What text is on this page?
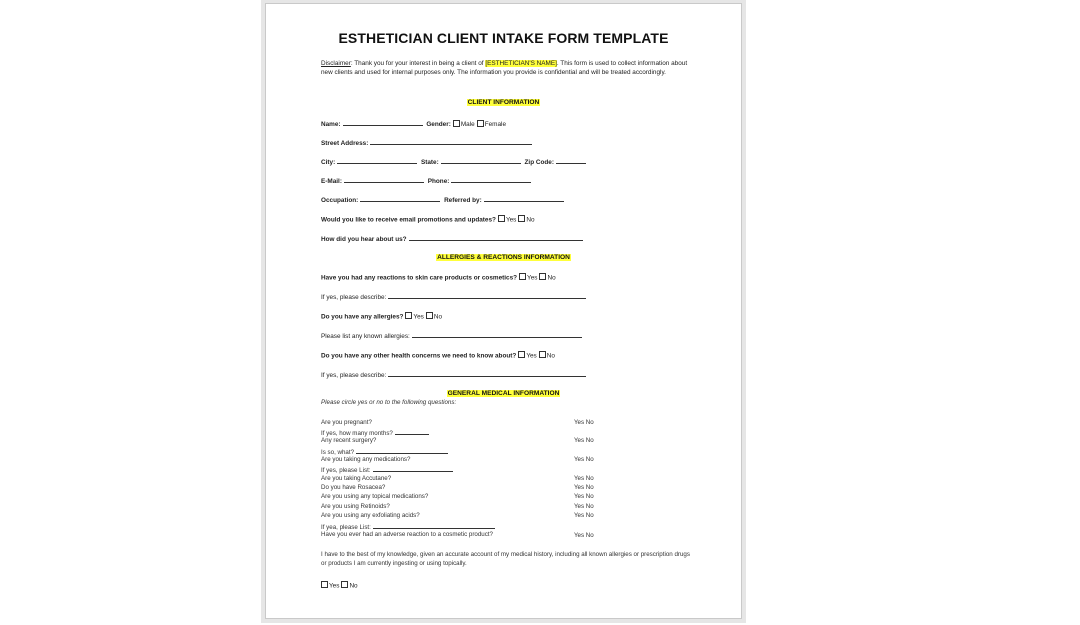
ESTHETICIAN CLIENT INTAKE FORM TEMPLATE
Disclaimer: Thank you for your interest in being a client of [ESTHETICIAN'S NAME]. This form is used to collect information about new clients and used for internal purposes only. The information you provide is confidential and will be treated accordingly.
CLIENT INFORMATION
Name:	Gender: Male Female
Street Address:
City:	State:	Zip Code:
E-Mail:	Phone:
Occupation:	Referred by:
Would you like to receive email promotions and updates? Yes No
How did you hear about us?
ALLERGIES & REACTIONS INFORMATION
Have you had any reactions to skin care products or cosmetics? Yes No
If yes, please describe:
Do you have any allergies? Yes No
Please list any known allergies:
Do you have any other health concerns we need to know about? Yes No
If yes, please describe:
GENERAL MEDICAL INFORMATION
Please circle yes or no to the following questions:
Are you pregnant?	Yes No
If yes, how many months?
Any recent surgery?	Yes No
Is so, what?
Are you taking any medications?	Yes No
If yes, please List:
Are you taking Accutane?	Yes No
Do you have Rosacea?	Yes No
Are you using any topical medications?	Yes No
Are you using Retinoids?	Yes No
Are you using any exfoliating acids?	Yes No
If yea, please List:
Have you ever had an adverse reaction to a cosmetic product?	Yes No
I have to the best of my knowledge, given an accurate account of my medical history, including all known allergies or prescription drugs or products I am currently ingesting or using topically.
Yes No
